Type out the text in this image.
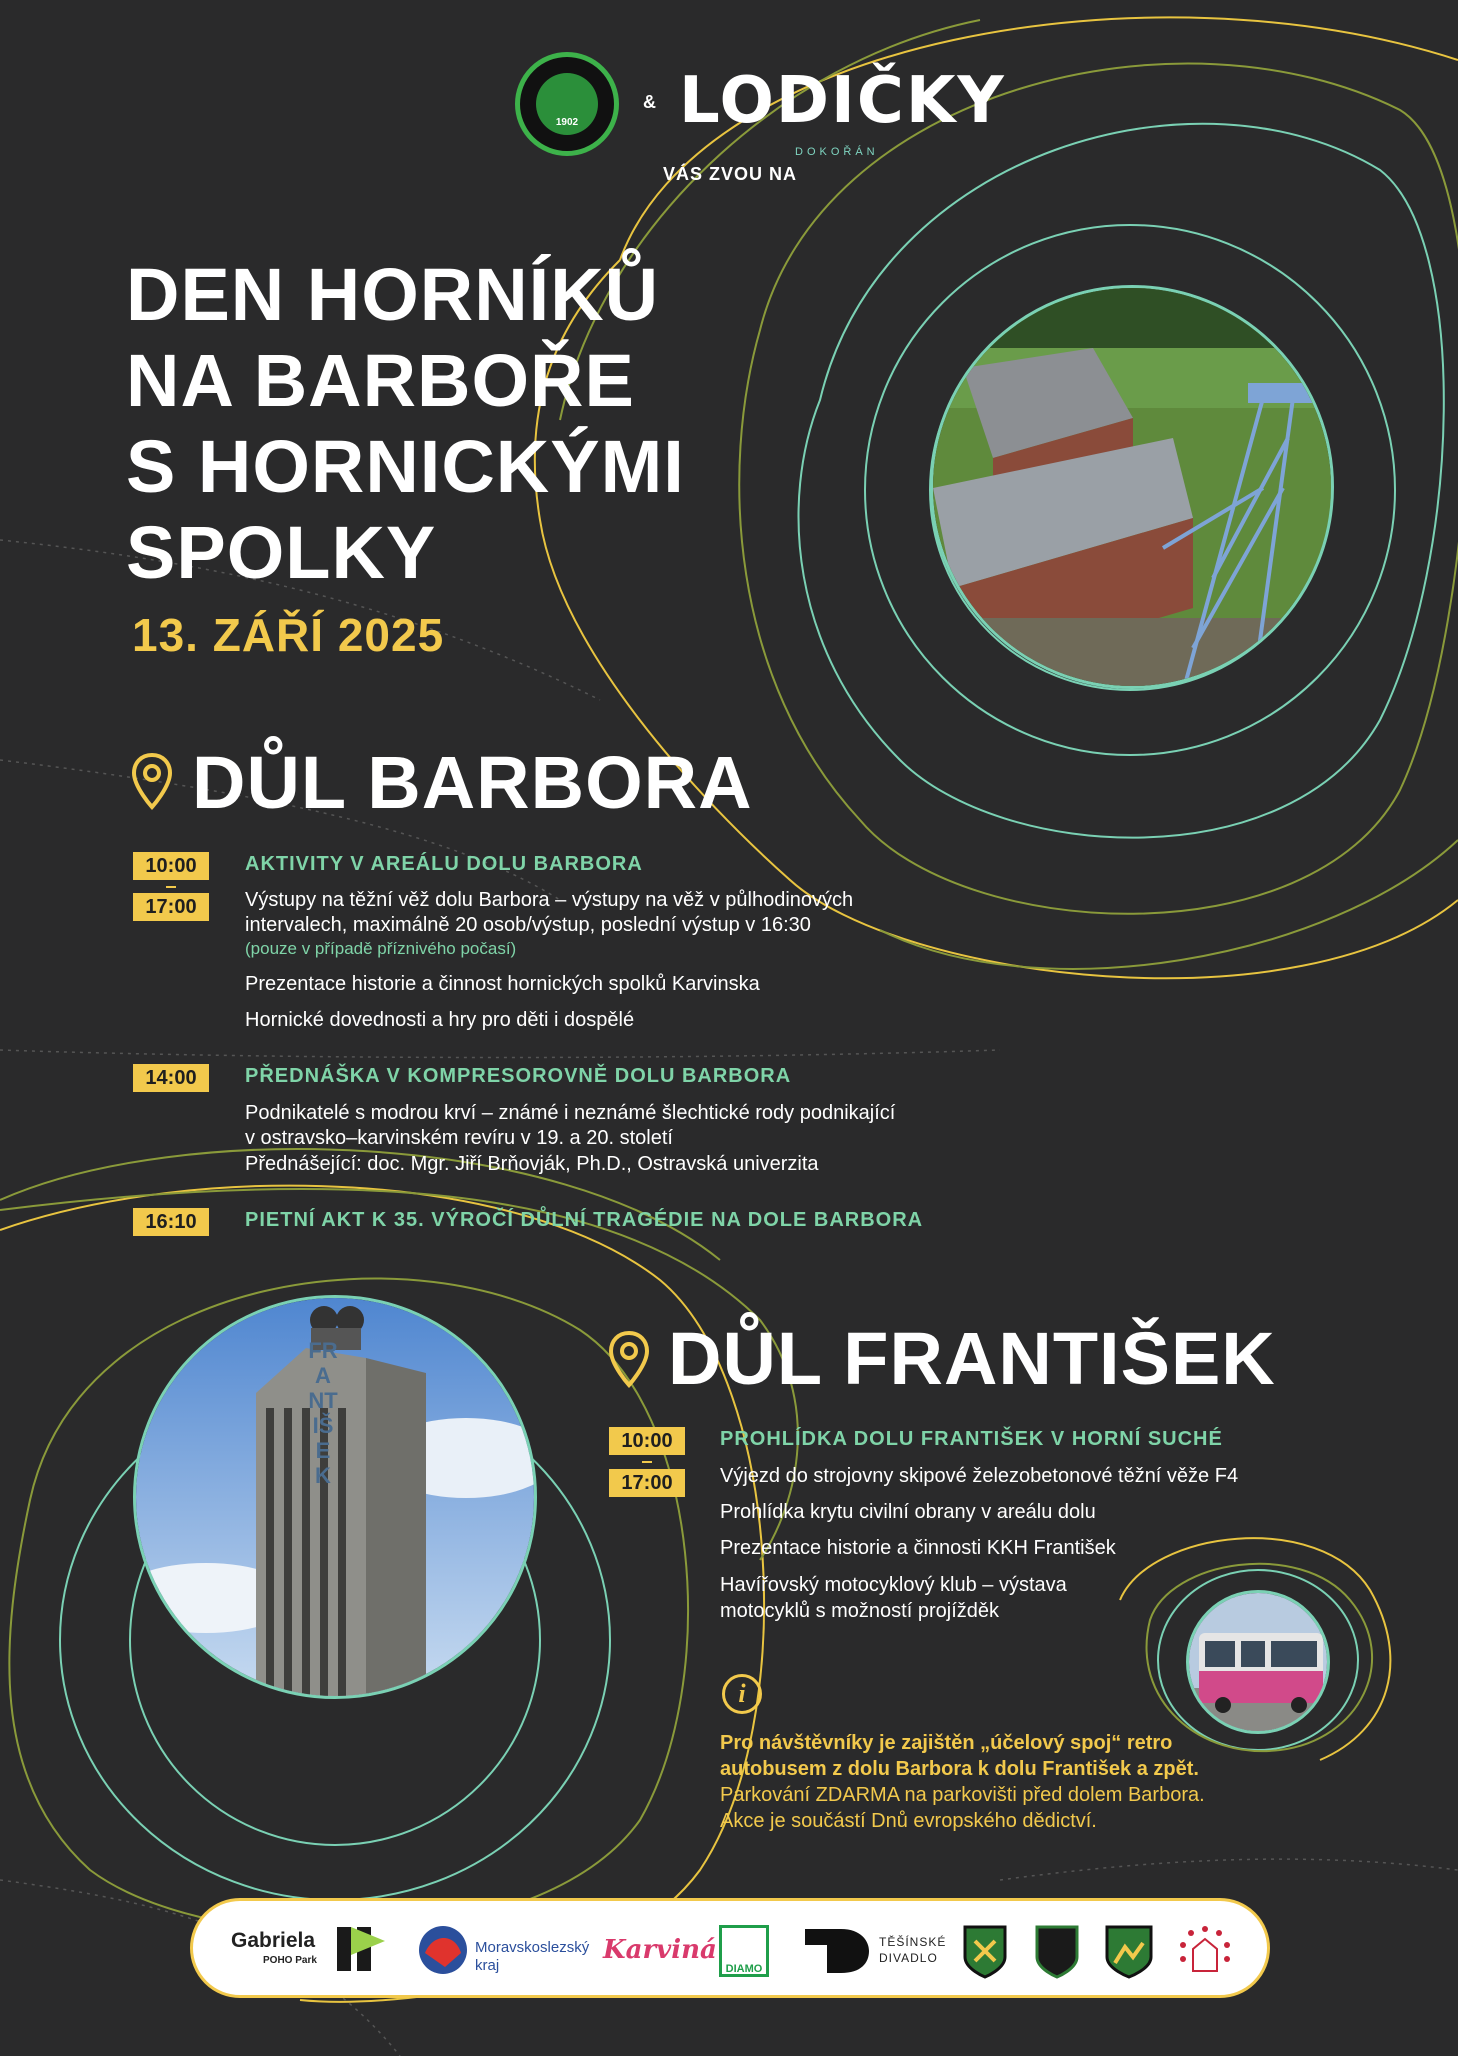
1902
& LODIČKY
DOKOŘÁN
VÁS ZVOU NA
DEN HORNÍKŮ
NA BARBOŘE
S HORNICKÝMI
SPOLKY
13. ZÁŘÍ 2025
DŮL BARBORA
10:00
17:00
AKTIVITY V AREÁLU DOLU BARBORA
Výstupy na těžní věž dolu Barbora – výstupy na věž v půlhodinových
intervalech, maximálně 20 osob/výstup, poslední výstup v 16:30
(pouze v případě příznivého počasí)
Prezentace historie a činnost hornických spolků Karvinska
Hornické dovednosti a hry pro děti i dospělé
14:00	PŘEDNÁŠKA V KOMPRESOROVNĚ DOLU BARBORA
Podnikatelé s modrou krví – známé i neznámé šlechtické rody podnikající
v ostravsko–karvinském revíru v 19. a 20. století
Přednášející: doc. Mgr. Jiří Brňovják, Ph.D., Ostravská univerzita
16:10	PIETNÍ AKT K 35. VÝROČÍ DŮLNÍ TRAGÉDIE NA DOLE BARBORA
FRANTIŠEK
DŮL FRANTIŠEK
10:00
17:00
PROHLÍDKA DOLU FRANTIŠEK V HORNÍ SUCHÉ
Výjezd do strojovny skipové železobetonové těžní věže F4
Prohlídka krytu civilní obrany v areálu dolu
Prezentace historie a činnosti KKH František
Havířovský motocyklový klub – výstava
motocyklů s možností projížděk
i
Pro návštěvníky je zajištěn „účelový spoj“ retro
autobusem z dolu Barbora k dolu František a zpět.
Parkování ZDARMA na parkovišti před dolem Barbora.
Akce je součástí Dnů evropského dědictví.
Gabriela
POHO Park
Moravskoslezský
kraj
Karviná
DIAMO
TĚŠÍNSKÉ
DIVADLO
